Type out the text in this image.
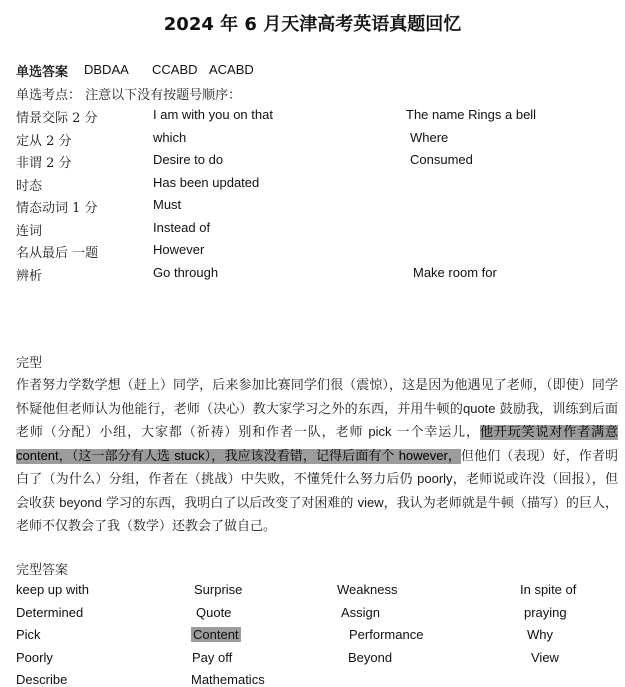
2024 年 6 月天津高考英语真题回忆
单选答案 DBDAA CCABD ACABD
单选考点： 注意以下没有按题号顺序：
情景交际 2 分	I am with you on that	The name Rings a bell
定从 2 分	which	Where
非谓 2 分	Desire to do	Consumed
时态	Has been updated
情态动词 1 分	Must
连词	Instead of
名从最后 一题	However
辨析	Go through	Make room for
完型
作者努力学数学想（赶上）同学，后来参加比赛同学们很（震惊），这是因为他遇见了老师，（即使）同学怀疑他但老师认为他能行，老师（决心）教大家学习之外的东西，并用牛顿的quote 鼓励我，训练到后面老师（分配）小组，大家都（祈祷）别和作者一队，老师 pick 一个幸运儿，他开玩笑说对作者满意 content，（这一部分有人选 stuck），我应该没看错，记得后面有个 however，但他们（表现）好，作者明白了（为什么）分组，作者在（挑战）中失败，不懂凭什么努力后仍 poorly，老师说或许没（回报），但会收获 beyond 学习的东西，我明白了以后改变了对困难的 view，我认为老师就是牛顿（描写）的巨人，老师不仅教会了我（数学）还教会了做自己。
完型答案
keep up with	Surprise	Weakness	In spite of
Determined	Quote	Assign	praying
Pick	Content	Performance	Why
Poorly	Pay off	Beyond	View
Describe	Mathematics
